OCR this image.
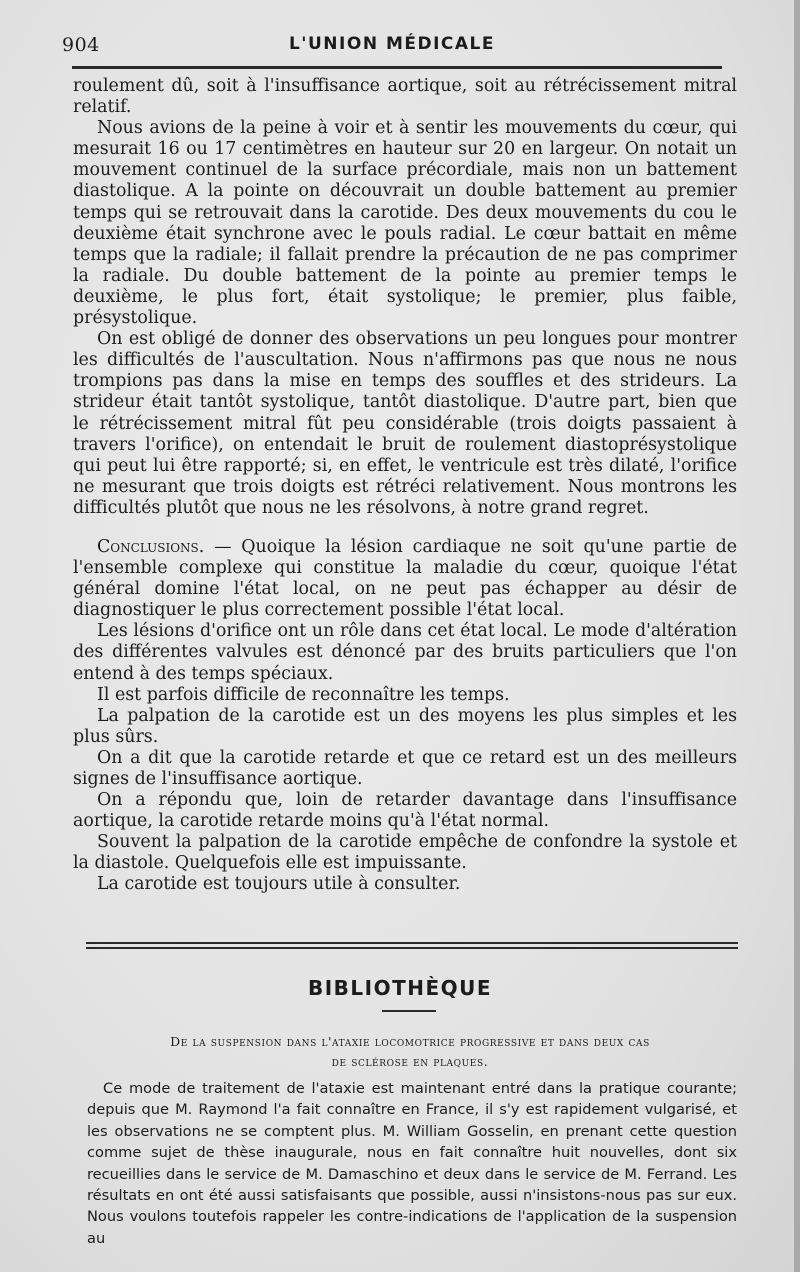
904	L'UNION MÉDICALE

roulement dû, soit à l'insuffisance aortique, soit au rétrécissement mitral relatif.

Nous avions de la peine à voir et à sentir les mouvements du cœur, qui mesurait 16 ou 17 centimètres en hauteur sur 20 en largeur. On notait un mouvement continuel de la surface précordiale, mais non un battement diastolique. A la pointe on découvrait un double battement au premier temps qui se retrouvait dans la carotide. Des deux mouvements du cou le deuxième était synchrone avec le pouls radial. Le cœur battait en même temps que la radiale; il fallait prendre la précaution de ne pas comprimer la radiale. Du double battement de la pointe au premier temps le deuxième, le plus fort, était systolique; le premier, plus faible, présystolique.

On est obligé de donner des observations un peu longues pour montrer les difficultés de l'auscultation. Nous n'affirmons pas que nous ne nous trompions pas dans la mise en temps des souffles et des strideurs. La strideur était tantôt systolique, tantôt diastolique. D'autre part, bien que le rétrécissement mitral fût peu considérable (trois doigts passaient à travers l'orifice), on entendait le bruit de roulement diastoprésystolique qui peut lui être rapporté; si, en effet, le ventricule est très dilaté, l'orifice ne mesurant que trois doigts est rétréci relativement. Nous montrons les difficultés plutôt que nous ne les résolvons, à notre grand regret.

Conclusions. — Quoique la lésion cardiaque ne soit qu'une partie de l'ensemble complexe qui constitue la maladie du cœur, quoique l'état général domine l'état local, on ne peut pas échapper au désir de diagnostiquer le plus correctement possible l'état local.

Les lésions d'orifice ont un rôle dans cet état local. Le mode d'altération des différentes valvules est dénoncé par des bruits particuliers que l'on entend à des temps spéciaux.

Il est parfois difficile de reconnaître les temps.

La palpation de la carotide est un des moyens les plus simples et les plus sûrs.

On a dit que la carotide retarde et que ce retard est un des meilleurs signes de l'insuffisance aortique.

On a répondu que, loin de retarder davantage dans l'insuffisance aortique, la carotide retarde moins qu'à l'état normal.

Souvent la palpation de la carotide empêche de confondre la systole et la diastole. Quelquefois elle est impuissante.

La carotide est toujours utile à consulter.

BIBLIOTHÈQUE
De la suspension dans l'ataxie locomotrice progressive et dans deux cas
de sclérose en plaques.

Ce mode de traitement de l'ataxie est maintenant entré dans la pratique courante; depuis que M. Raymond l'a fait connaître en France, il s'y est rapidement vulgarisé, et les observations ne se comptent plus. M. William Gosselin, en prenant cette question comme sujet de thèse inaugurale, nous en fait connaître huit nouvelles, dont six recueillies dans le service de M. Damaschino et deux dans le service de M. Ferrand. Les résultats en ont été aussi satisfaisants que possible, aussi n'insistons-nous pas sur eux. Nous voulons toutefois rappeler les contre-indications de l'application de la suspension au
